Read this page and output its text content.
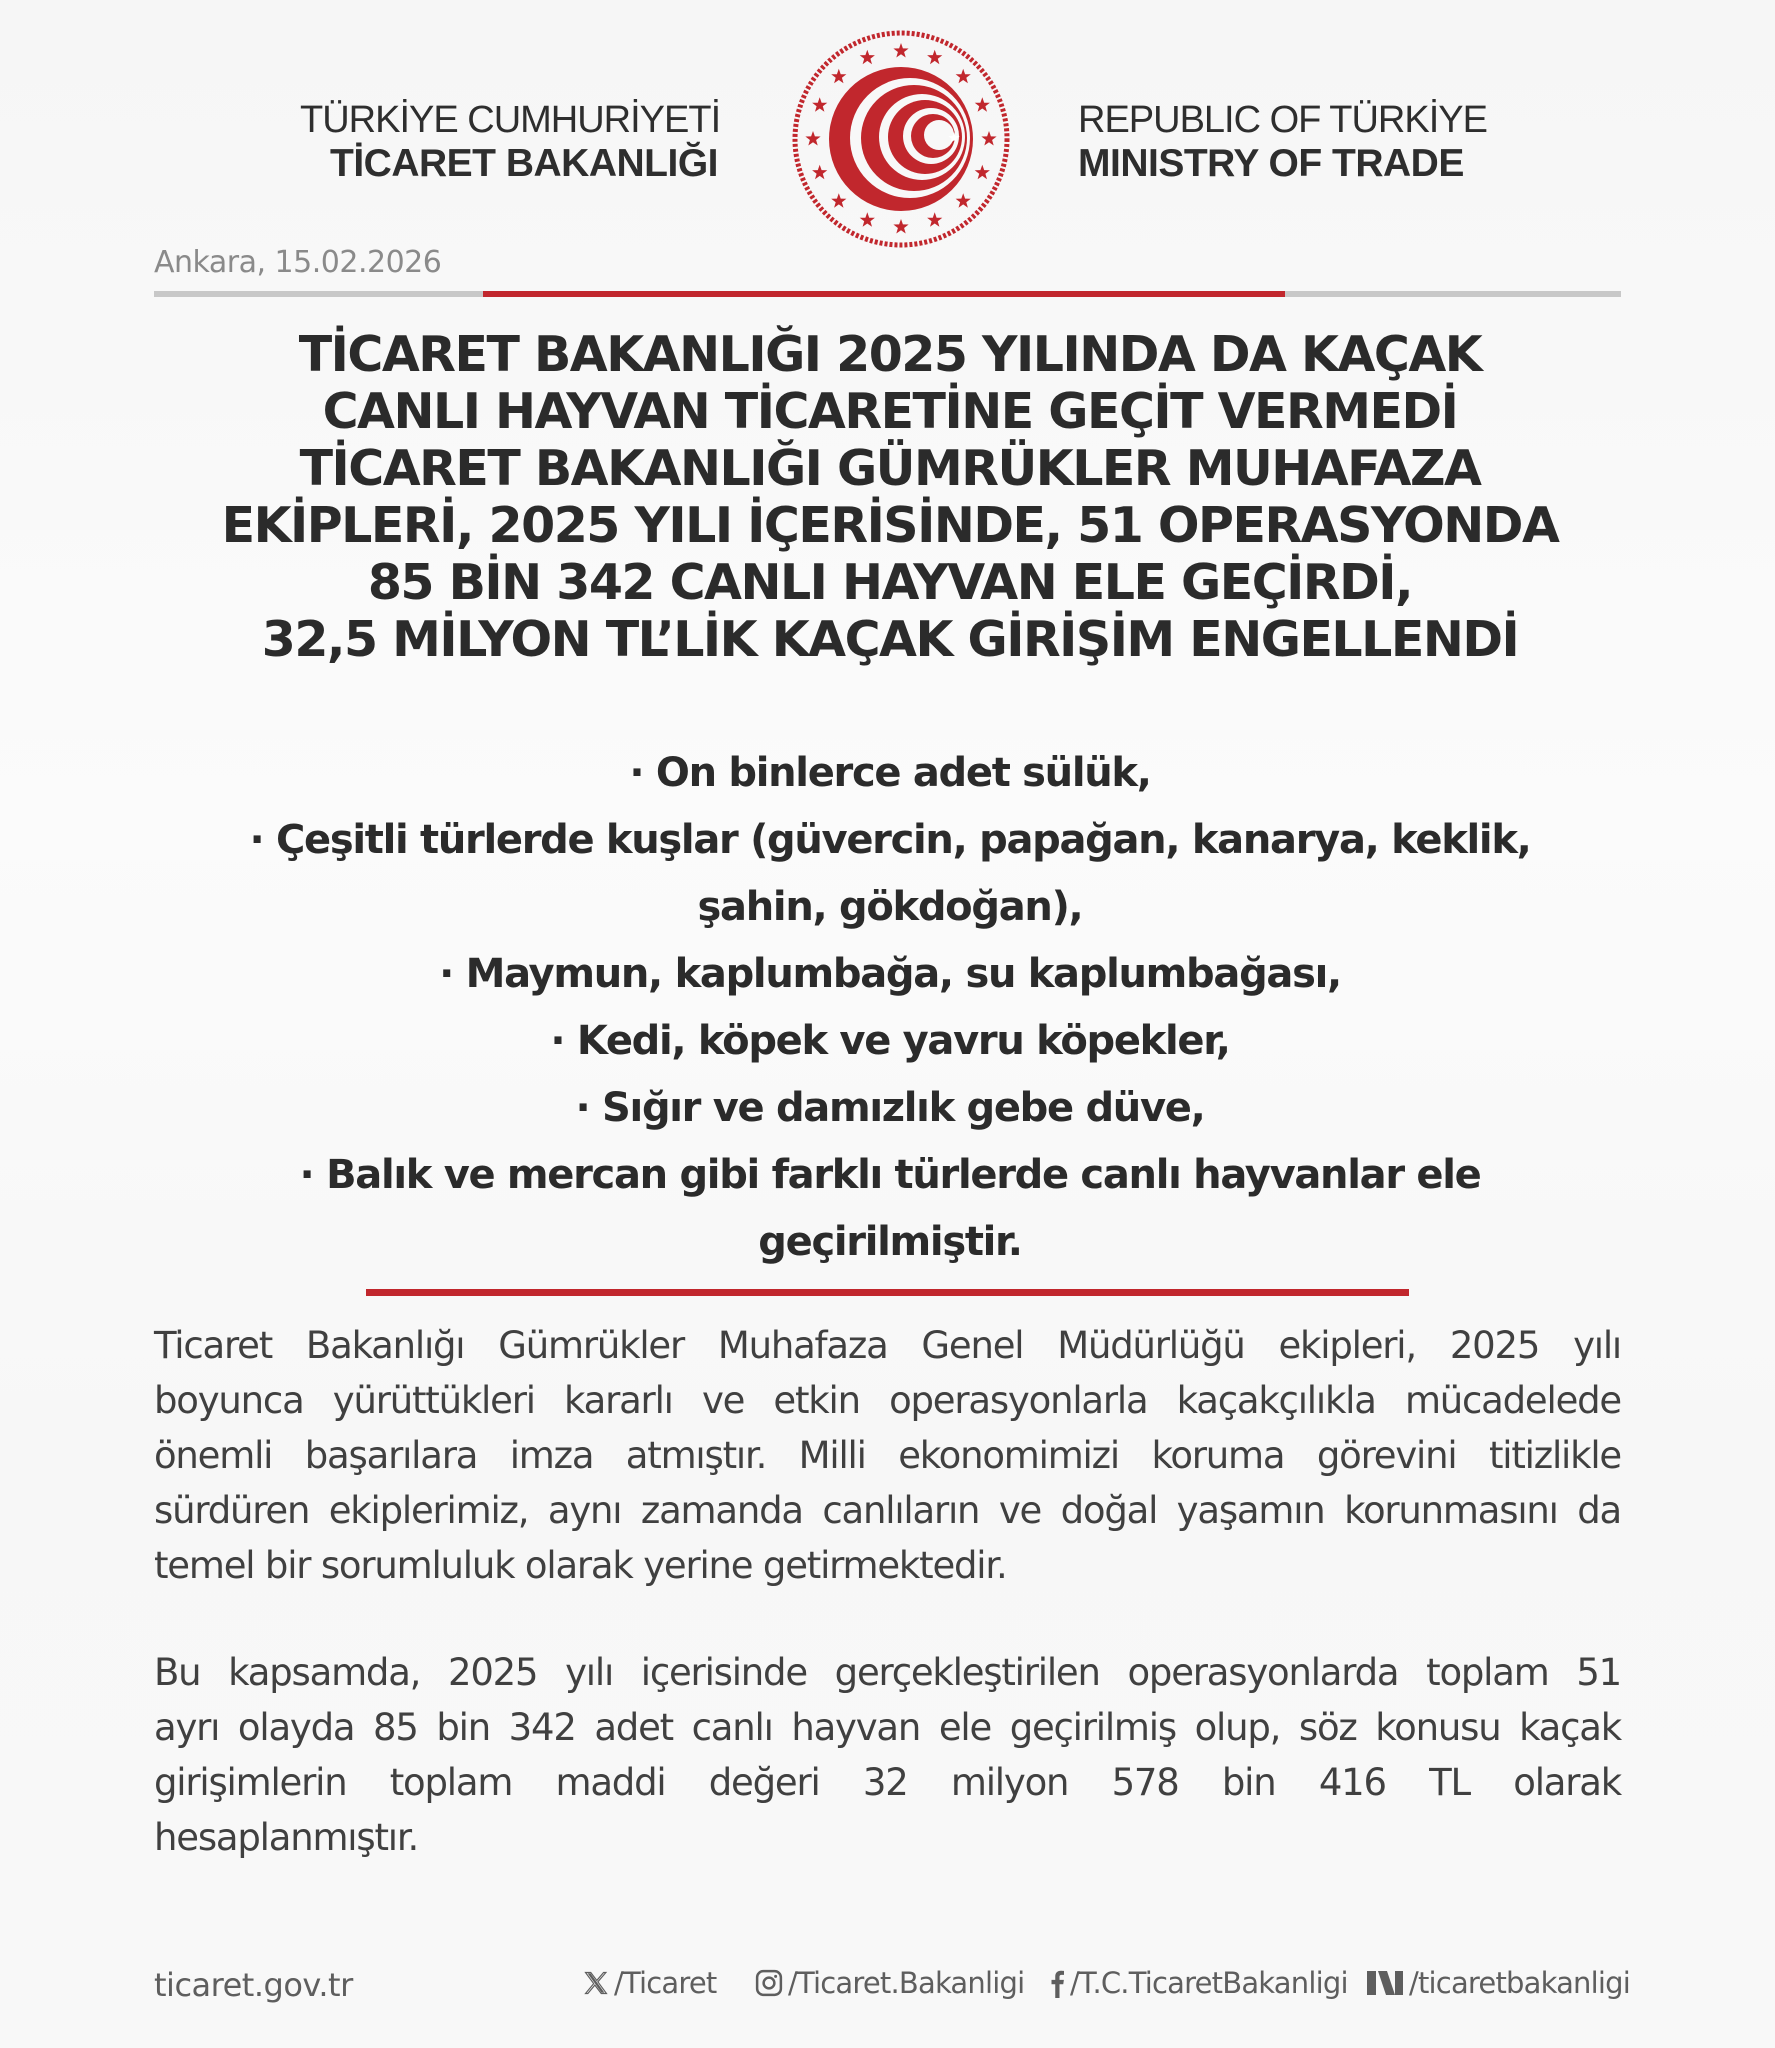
TÜRKİYE CUMHURİYETİ
TİCARET BAKANLIĞI
REPUBLIC OF TÜRKİYE
MINISTRY OF TRADE
Ankara, 15.02.2026
TİCARET BAKANLIĞI 2025 YILINDA DA KAÇAK
CANLI HAYVAN TİCARETİNE GEÇİT VERMEDİ
TİCARET BAKANLIĞI GÜMRÜKLER MUHAFAZA
EKİPLERİ, 2025 YILI İÇERİSİNDE, 51 OPERASYONDA
85 BİN 342 CANLI HAYVAN ELE GEÇİRDİ,
32,5 MİLYON TL’LİK KAÇAK GİRİŞİM ENGELLENDİ
· On binlerce adet sülük,
· Çeşitli türlerde kuşlar (güvercin, papağan, kanarya, keklik,
şahin, gökdoğan),
· Maymun, kaplumbağa, su kaplumbağası,
· Kedi, köpek ve yavru köpekler,
· Sığır ve damızlık gebe düve,
· Balık ve mercan gibi farklı türlerde canlı hayvanlar ele
geçirilmiştir.
Ticaret Bakanlığı Gümrükler Muhafaza Genel Müdürlüğü ekipleri, 2025 yılı
boyunca yürüttükleri kararlı ve etkin operasyonlarla kaçakçılıkla mücadelede
önemli başarılara imza atmıştır. Milli ekonomimizi koruma görevini titizlikle
sürdüren ekiplerimiz, aynı zamanda canlıların ve doğal yaşamın korunmasını da
temel bir sorumluluk olarak yerine getirmektedir.
Bu kapsamda, 2025 yılı içerisinde gerçekleştirilen operasyonlarda toplam 51
ayrı olayda 85 bin 342 adet canlı hayvan ele geçirilmiş olup, söz konusu kaçak
girişimlerin toplam maddi değeri 32 milyon 578 bin 416 TL olarak
hesaplanmıştır.
ticaret.gov.tr	/Ticaret /Ticaret.Bakanligi /T.C.TicaretBakanligi /ticaretbakanligi
